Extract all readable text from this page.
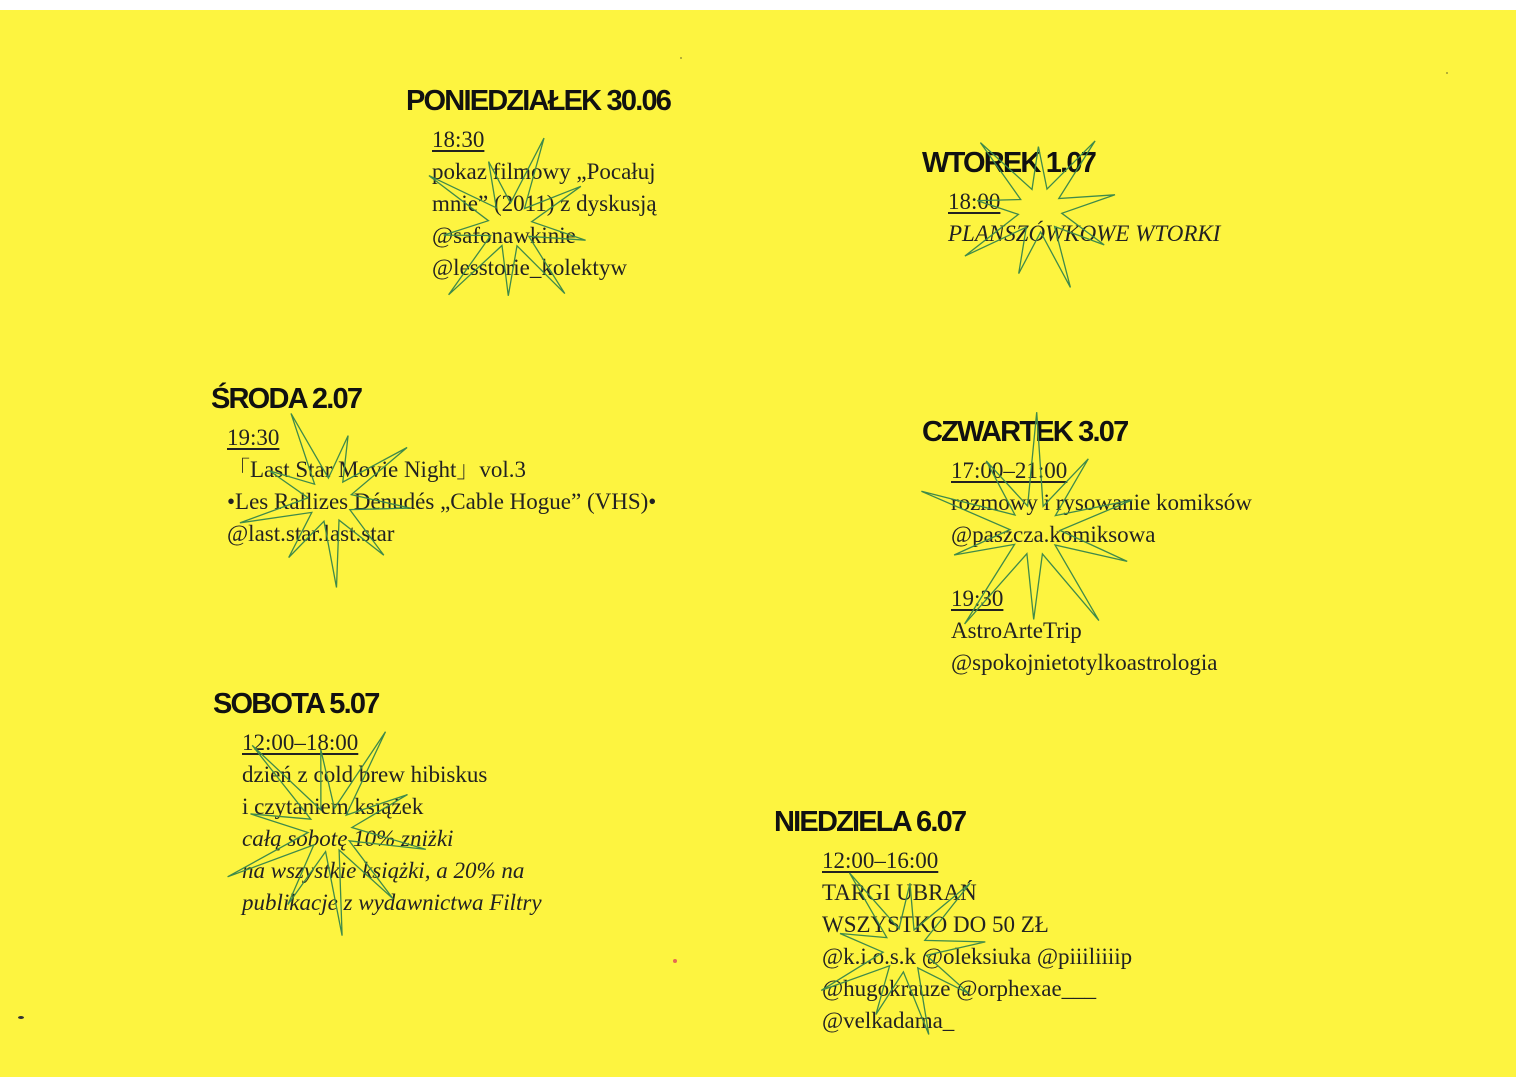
PONIEDZIAŁEK 30.06
18:30
pokaz filmowy „Pocałuj
mnie” (2011) z dyskusją
@safonawkinie
@lesstorie_kolektyw
WTOREK 1.07
18:00
PLANSZÓWKOWE WTORKI
ŚRODA 2.07
19:30
「Last Star Movie Night」vol.3
•Les Rallizes Dénudés „Cable Hogue” (VHS)•
@last.star.last.star
CZWARTEK 3.07
17:00–21:00
rozmowy i rysowanie komiksów
@paszcza.komiksowa
19:30
AstroArteTrip
@spokojnietotylkoastrologia
SOBOTA 5.07
12:00–18:00
dzień z cold brew hibiskus
i czytaniem książek
całą sobotę 10% zniżki
na wszystkie książki, a 20% na
publikacje z wydawnictwa Filtry
NIEDZIELA 6.07
12:00–16:00
TARGI UBRAŃ
WSZYSTKO DO 50 ZŁ
@k.i.o.s.k @oleksiuka @piiiliiiip
@hugokrauze @orphexae___
@velkadama_
